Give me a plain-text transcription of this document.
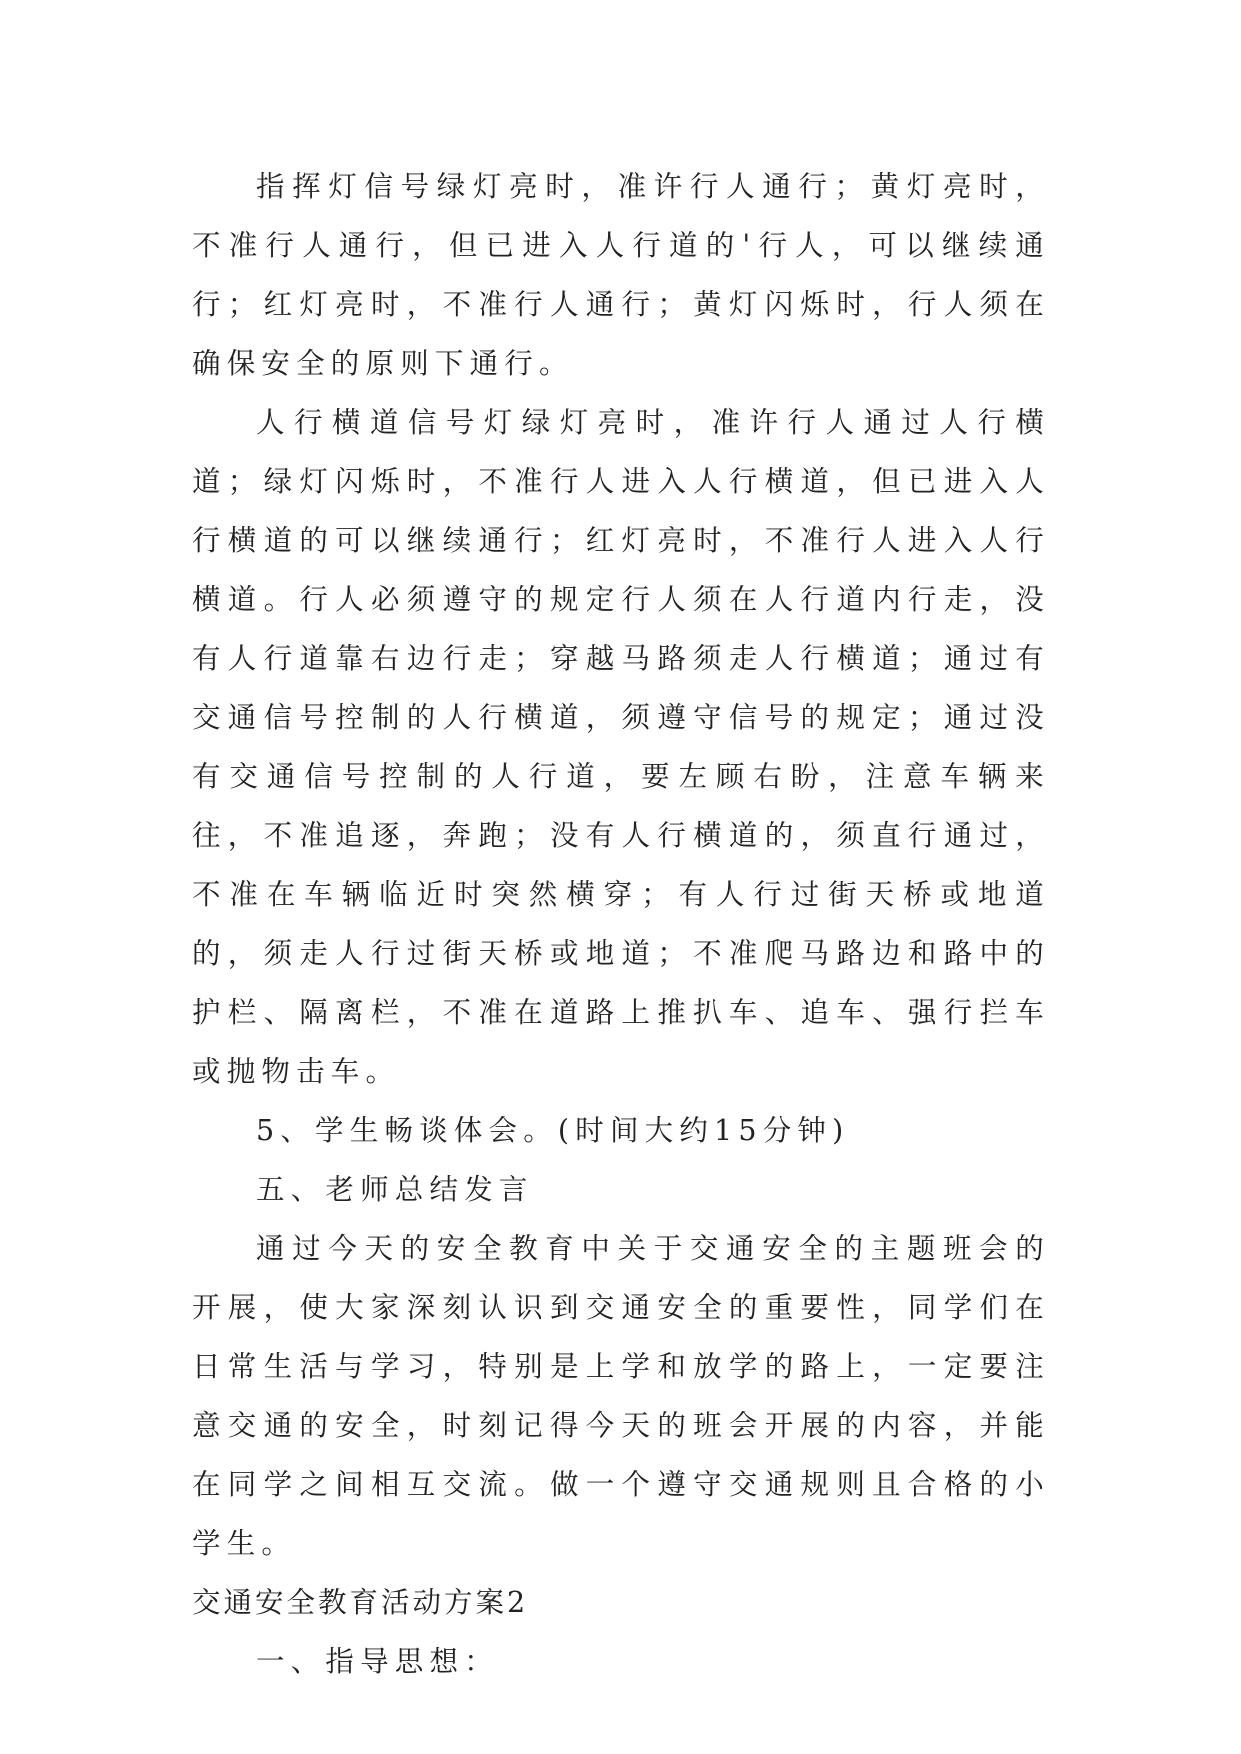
指挥灯信号绿灯亮时，准许行人通行；黄灯亮时，不准行人通行，但已进入人行道的'行人，可以继续通行；红灯亮时，不准行人通行；黄灯闪烁时，行人须在确保安全的原则下通行。

人行横道信号灯绿灯亮时，准许行人通过人行横道；绿灯闪烁时，不准行人进入人行横道，但已进入人行横道的可以继续通行；红灯亮时，不准行人进入人行横道。行人必须遵守的规定行人须在人行道内行走，没有人行道靠右边行走；穿越马路须走人行横道；通过有交通信号控制的人行横道，须遵守信号的规定；通过没有交通信号控制的人行道，要左顾右盼，注意车辆来往，不准追逐，奔跑；没有人行横道的，须直行通过，不准在车辆临近时突然横穿；有人行过街天桥或地道的，须走人行过街天桥或地道；不准爬马路边和路中的护栏、隔离栏，不准在道路上推扒车、追车、强行拦车或抛物击车。

5、学生畅谈体会。(时间大约15分钟)

五、老师总结发言

通过今天的安全教育中关于交通安全的主题班会的开展，使大家深刻认识到交通安全的重要性，同学们在日常生活与学习，特别是上学和放学的路上，一定要注意交通的安全，时刻记得今天的班会开展的内容，并能在同学之间相互交流。做一个遵守交通规则且合格的小学生。

交通安全教育活动方案2

一、指导思想：
